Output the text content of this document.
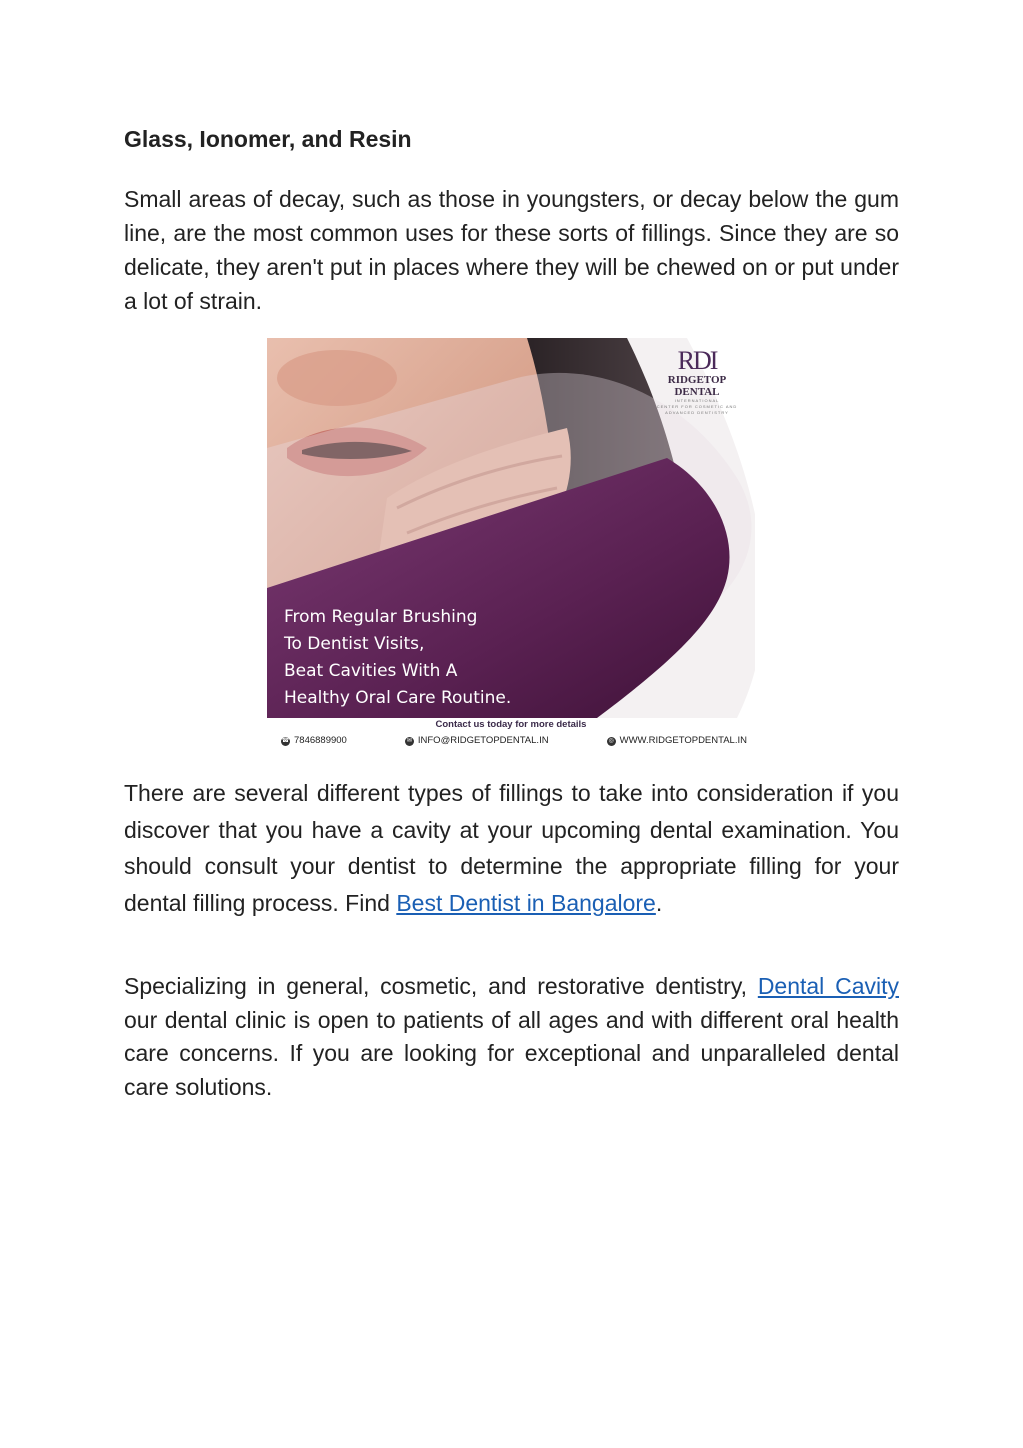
Glass, Ionomer, and Resin

Small areas of decay, such as those in youngsters, or decay below the gum line, are the most common uses for these sorts of fillings. Since they are so delicate, they aren't put in places where they will be chewed on or put under a lot of strain.

RDI
RIDGETOP DENTAL
INTERNATIONAL
CENTER FOR COSMETIC AND ADVANCED DENTISTRY
From Regular Brushing
To Dentist Visits,
Beat Cavities With A
Healthy Oral Care Routine.
Contact us today for more details
☎ 7846889900	✉ INFO@RIDGETOPDENTAL.IN	◎ WWW.RIDGETOPDENTAL.IN

There are several different types of fillings to take into consideration if you discover that you have a cavity at your upcoming dental examination. You should consult your dentist to determine the appropriate filling for your dental filling process. Find Best Dentist in Bangalore.

Specializing in general, cosmetic, and restorative dentistry, Dental Cavity our dental clinic is open to patients of all ages and with different oral health care concerns. If you are looking for exceptional and unparalleled dental care solutions.
